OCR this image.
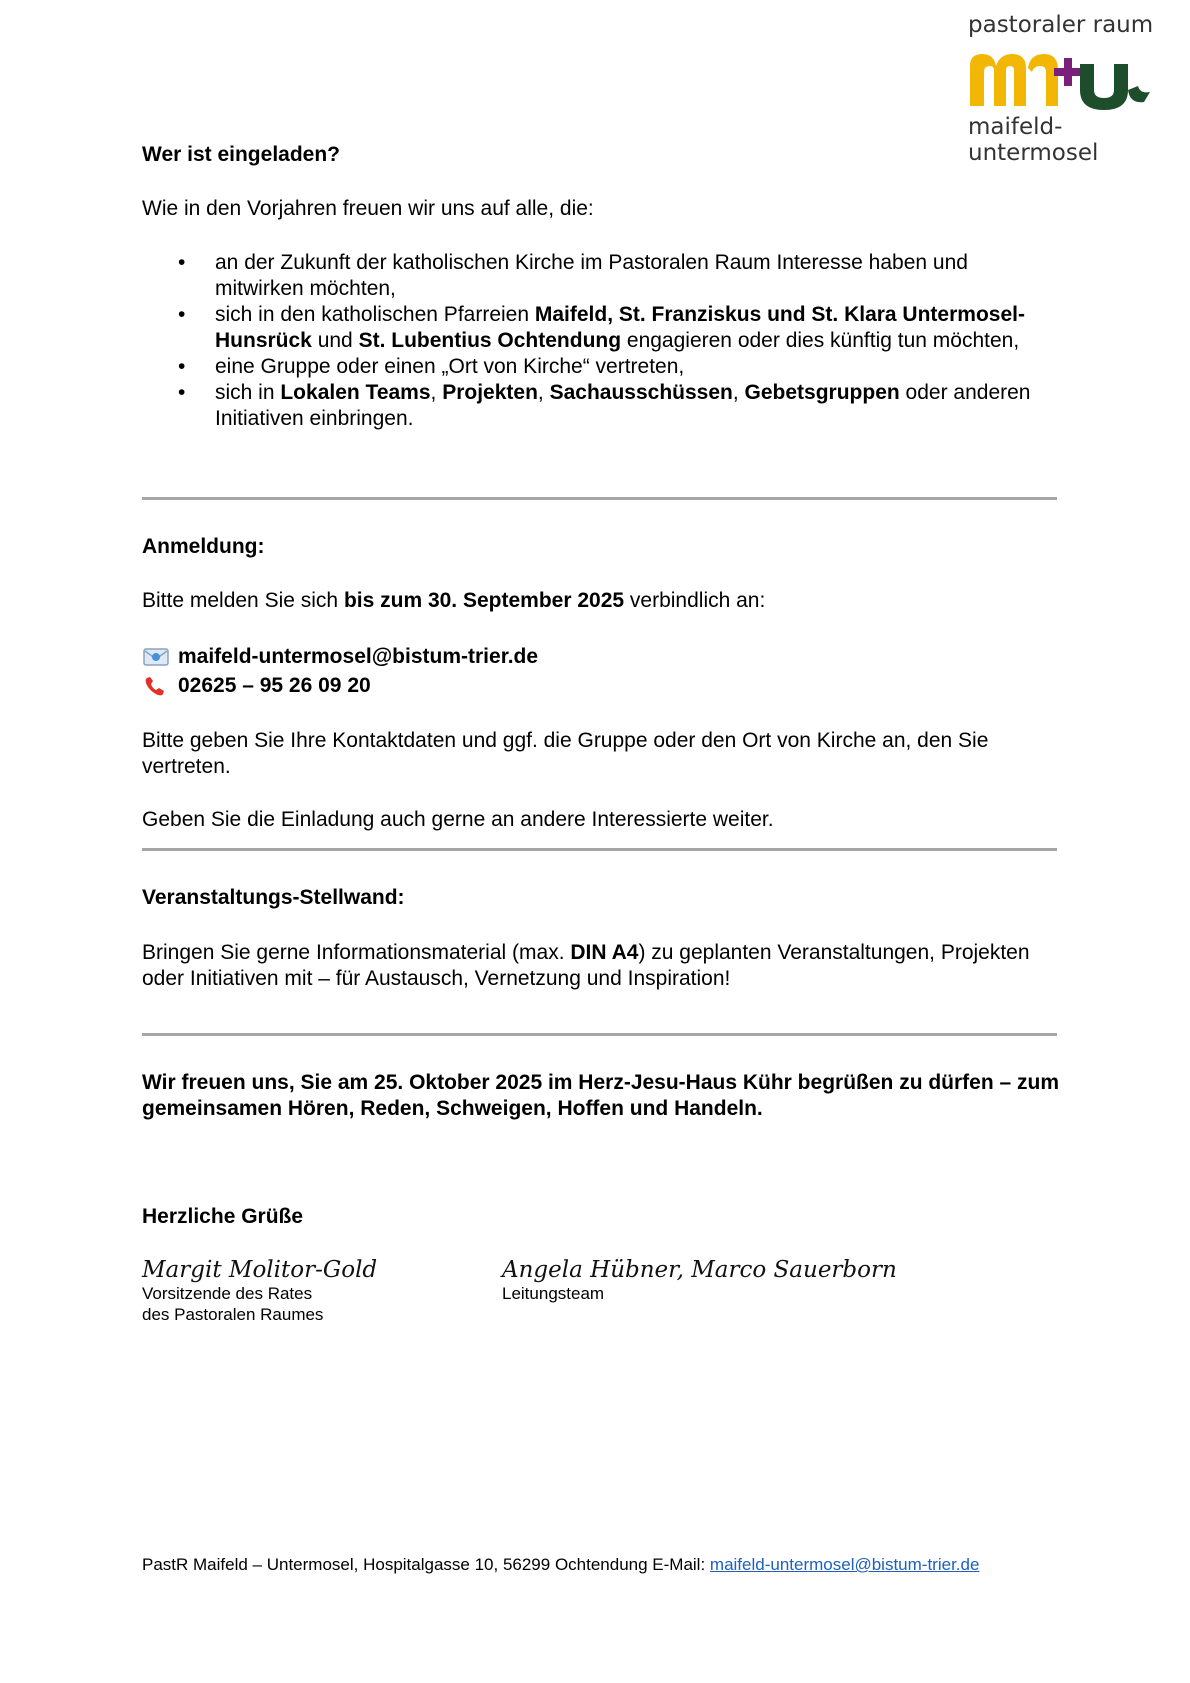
pastoraler raum
maifeld-untermosel
Wer ist eingeladen?
Wie in den Vorjahren freuen wir uns auf alle, die:
• an der Zukunft der katholischen Kirche im Pastoralen Raum Interesse haben und mitwirken möchten,
• sich in den katholischen Pfarreien Maifeld, St. Franziskus und St. Klara Untermosel-Hunsrück und St. Lubentius Ochtendung engagieren oder dies künftig tun möchten,
• eine Gruppe oder einen „Ort von Kirche“ vertreten,
• sich in Lokalen Teams, Projekten, Sachausschüssen, Gebetsgruppen oder anderen Initiativen einbringen.
Anmeldung:
Bitte melden Sie sich bis zum 30. September 2025 verbindlich an:
maifeld-untermosel@bistum-trier.de
02625 – 95 26 09 20
Bitte geben Sie Ihre Kontaktdaten und ggf. die Gruppe oder den Ort von Kirche an, den Sie vertreten.
Geben Sie die Einladung auch gerne an andere Interessierte weiter.
Veranstaltungs-Stellwand:
Bringen Sie gerne Informationsmaterial (max. DIN A4) zu geplanten Veranstaltungen, Projekten oder Initiativen mit – für Austausch, Vernetzung und Inspiration!
Wir freuen uns, Sie am 25. Oktober 2025 im Herz-Jesu-Haus Kühr begrüßen zu dürfen – zum gemeinsamen Hören, Reden, Schweigen, Hoffen und Handeln.
Herzliche Grüße
Margit Molitor-Gold
Vorsitzende des Rates
des Pastoralen Raumes
Angela Hübner, Marco Sauerborn
Leitungsteam
PastR Maifeld – Untermosel, Hospitalgasse 10, 56299 Ochtendung E-Mail: maifeld-untermosel@bistum-trier.de
